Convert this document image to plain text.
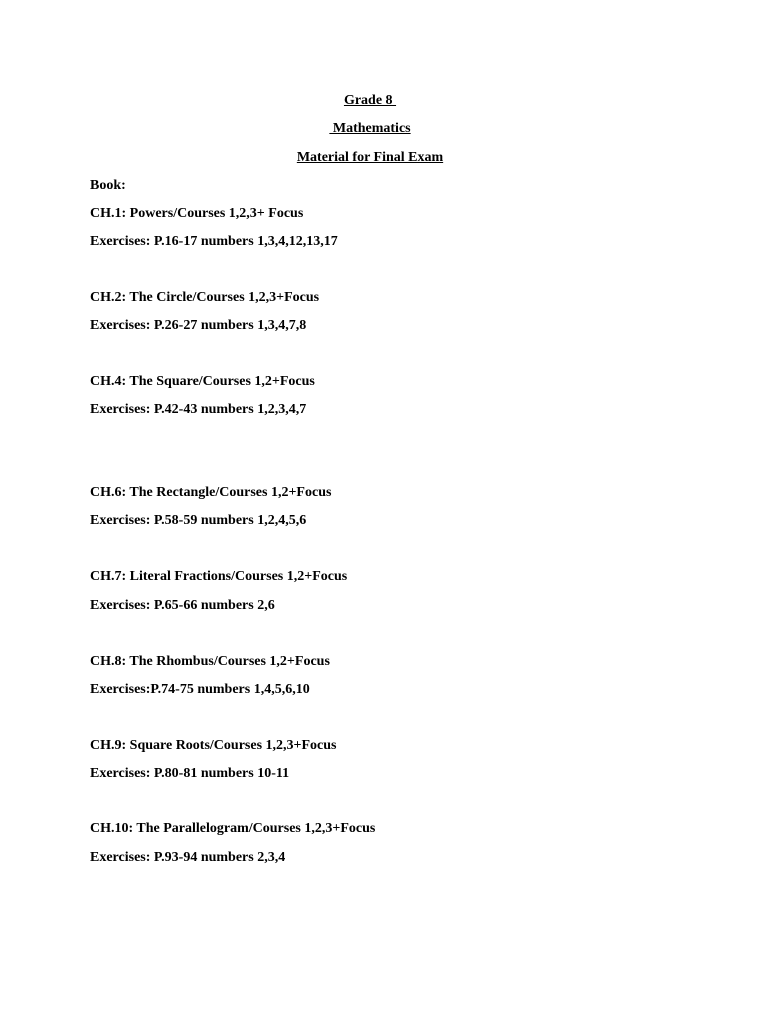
Grade 8
Mathematics
Material for Final Exam
Book:
CH.1: Powers/Courses 1,2,3+ Focus
Exercises: P.16-17 numbers 1,3,4,12,13,17
CH.2: The Circle/Courses 1,2,3+Focus
Exercises: P.26-27 numbers 1,3,4,7,8
CH.4: The Square/Courses 1,2+Focus
Exercises: P.42-43 numbers 1,2,3,4,7
CH.6: The Rectangle/Courses 1,2+Focus
Exercises: P.58-59 numbers 1,2,4,5,6
CH.7: Literal Fractions/Courses 1,2+Focus
Exercises: P.65-66 numbers 2,6
CH.8: The Rhombus/Courses 1,2+Focus
Exercises:P.74-75 numbers 1,4,5,6,10
CH.9: Square Roots/Courses 1,2,3+Focus
Exercises: P.80-81 numbers 10-11
CH.10: The Parallelogram/Courses 1,2,3+Focus
Exercises: P.93-94 numbers 2,3,4
